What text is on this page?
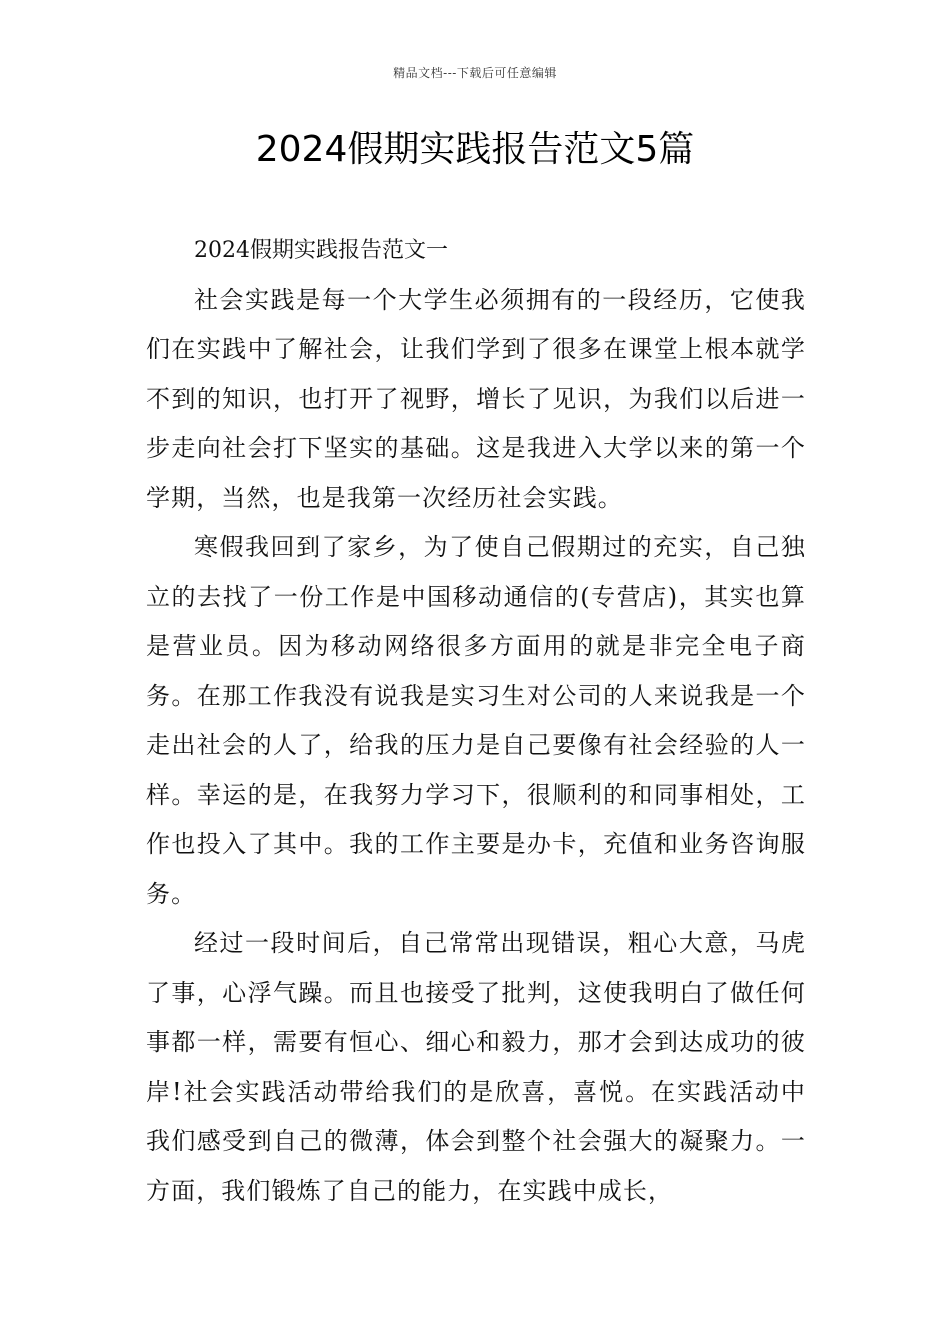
精品文档---下载后可任意编辑
2024假期实践报告范文5篇

2024假期实践报告范文一

社会实践是每一个大学生必须拥有的一段经历，它使我们在实践中了解社会，让我们学到了很多在课堂上根本就学不到的知识，也打开了视野，增长了见识，为我们以后进一步走向社会打下坚实的基础。这是我进入大学以来的第一个学期，当然，也是我第一次经历社会实践。

寒假我回到了家乡，为了使自己假期过的充实，自己独立的去找了一份工作是中国移动通信的(专营店)，其实也算是营业员。因为移动网络很多方面用的就是非完全电子商务。在那工作我没有说我是实习生对公司的人来说我是一个走出社会的人了，给我的压力是自己要像有社会经验的人一样。幸运的是，在我努力学习下，很顺利的和同事相处，工作也投入了其中。我的工作主要是办卡，充值和业务咨询服务。

经过一段时间后，自己常常出现错误，粗心大意，马虎了事，心浮气躁。而且也接受了批判，这使我明白了做任何事都一样，需要有恒心、细心和毅力，那才会到达成功的彼岸!社会实践活动带给我们的是欣喜，喜悦。在实践活动中我们感受到自己的微薄，体会到整个社会强大的凝聚力。一方面，我们锻炼了自己的能力，在实践中成长，
